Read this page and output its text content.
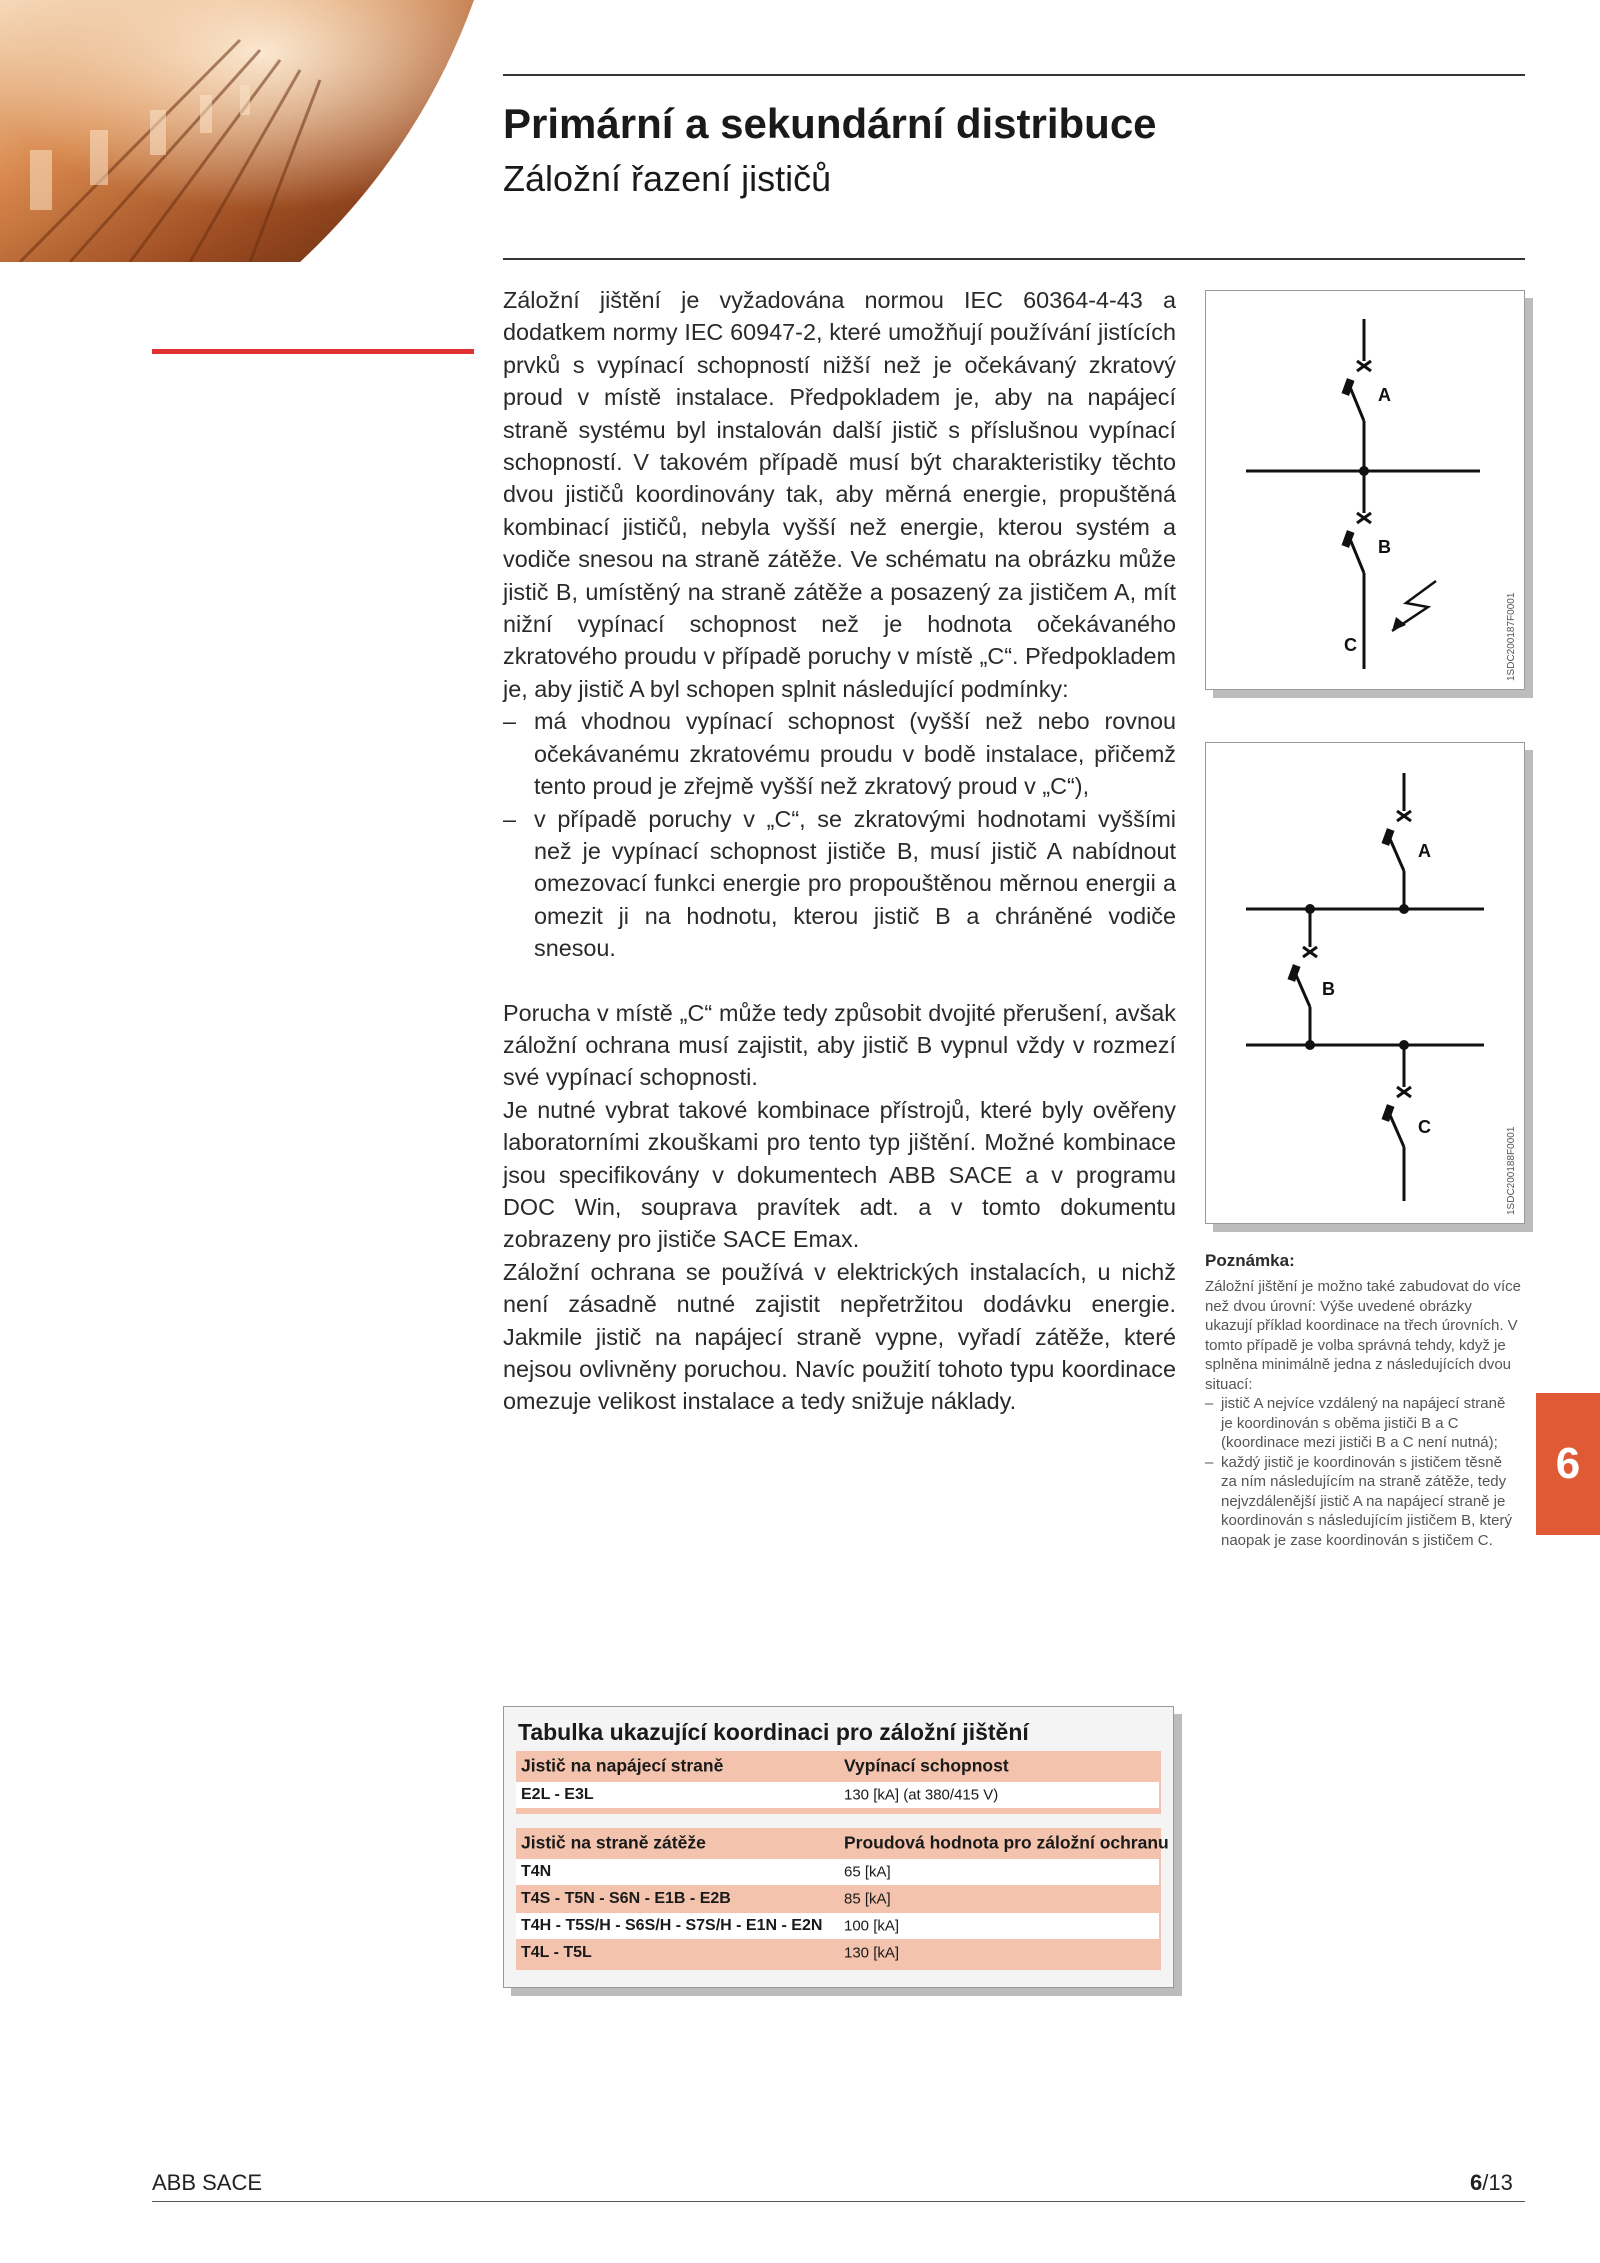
Primární a sekundární distribuce
Záložní řazení jističů

Záložní jištění je vyžadována normou IEC 60364-4-43 a dodatkem normy IEC 60947-2, které umožňují používání jistících prvků s vypínací schopností nižší než je očekávaný zkratový proud v místě instalace. Předpokladem je, aby na napájecí straně systému byl instalován další jistič s příslušnou vypínací schopností. V takovém případě musí být charakteristiky těchto dvou jističů koordinovány tak, aby měrná energie, propuštěná kombinací jističů, nebyla vyšší než energie, kterou systém a vodiče snesou na straně zátěže. Ve schématu na obrázku může jistič B, umístěný na straně zátěže a posazený za jističem A, mít nižní vypínací schopnost než je hodnota očekávaného zkratového proudu v případě poruchy v místě „C“. Předpokladem je, aby jistič A byl schopen splnit následující podmínky:

– má vhodnou vypínací schopnost (vyšší než nebo rovnou očekávanému zkratovému proudu v bodě instalace, přičemž tento proud je zřejmě vyšší než zkratový proud v „C“),
– v případě poruchy v „C“, se zkratovými hodnotami vyššími než je vypínací schopnost jističe B, musí jistič A nabídnout omezovací funkci energie pro propouštěnou měrnou energii a omezit ji na hodnotu, kterou jistič B a chráněné vodiče snesou.

Porucha v místě „C“ může tedy způsobit dvojité přerušení, avšak záložní ochrana musí zajistit, aby jistič B vypnul vždy v rozmezí své vypínací schopnosti.

Je nutné vybrat takové kombinace přístrojů, které byly ověřeny laboratorními zkouškami pro tento typ jištění. Možné kombinace jsou specifikovány v dokumentech ABB SACE a v programu DOC Win, souprava pravítek adt. a v tomto dokumentu zobrazeny pro jističe SACE Emax.

Záložní ochrana se používá v elektrických instalacích, u nichž není zásadně nutné zajistit nepřetržitou dodávku energie. Jakmile jistič na napájecí straně vypne, vyřadí zátěže, které nejsou ovlivněny poruchou. Navíc použití tohoto typu koordinace omezuje velikost instalace a tedy snižuje náklady.

A
B
C	1SDC200187F0001
A
B
C	1SDC200188F0001
Poznámka:
Záložní jištění je možno také zabudovat do více než dvou úrovní: Výše uvedené obrázky ukazují příklad koordinace na třech úrovních. V tomto případě je volba správná tehdy, když je splněna minimálně jedna z následujících dvou situací:
– jistič A nejvíce vzdálený na napájecí straně je koordinován s oběma jističi B a C (koordinace mezi jističi B a C není nutná);
– každý jistič je koordinován s jističem těsně za ním následujícím na straně zátěže, tedy nejvzdálenější jistič A na napájecí straně je koordinován s následujícím jističem B, který naopak je zase koordinován s jističem C.
6
Tabulka ukazující koordinaci pro záložní jištění
Jistič na napájecí straně	Vypínací schopnost
E2L - E3L	130 [kA] (at 380/415 V)
Jistič na straně zátěže	Proudová hodnota pro záložní ochranu
T4N	65 [kA]
T4S - T5N - S6N - E1B - E2B	85 [kA]
T4H - T5S/H - S6S/H - S7S/H - E1N - E2N 100 [kA]
T4L - T5L	130 [kA]
ABB SACE	6/13
